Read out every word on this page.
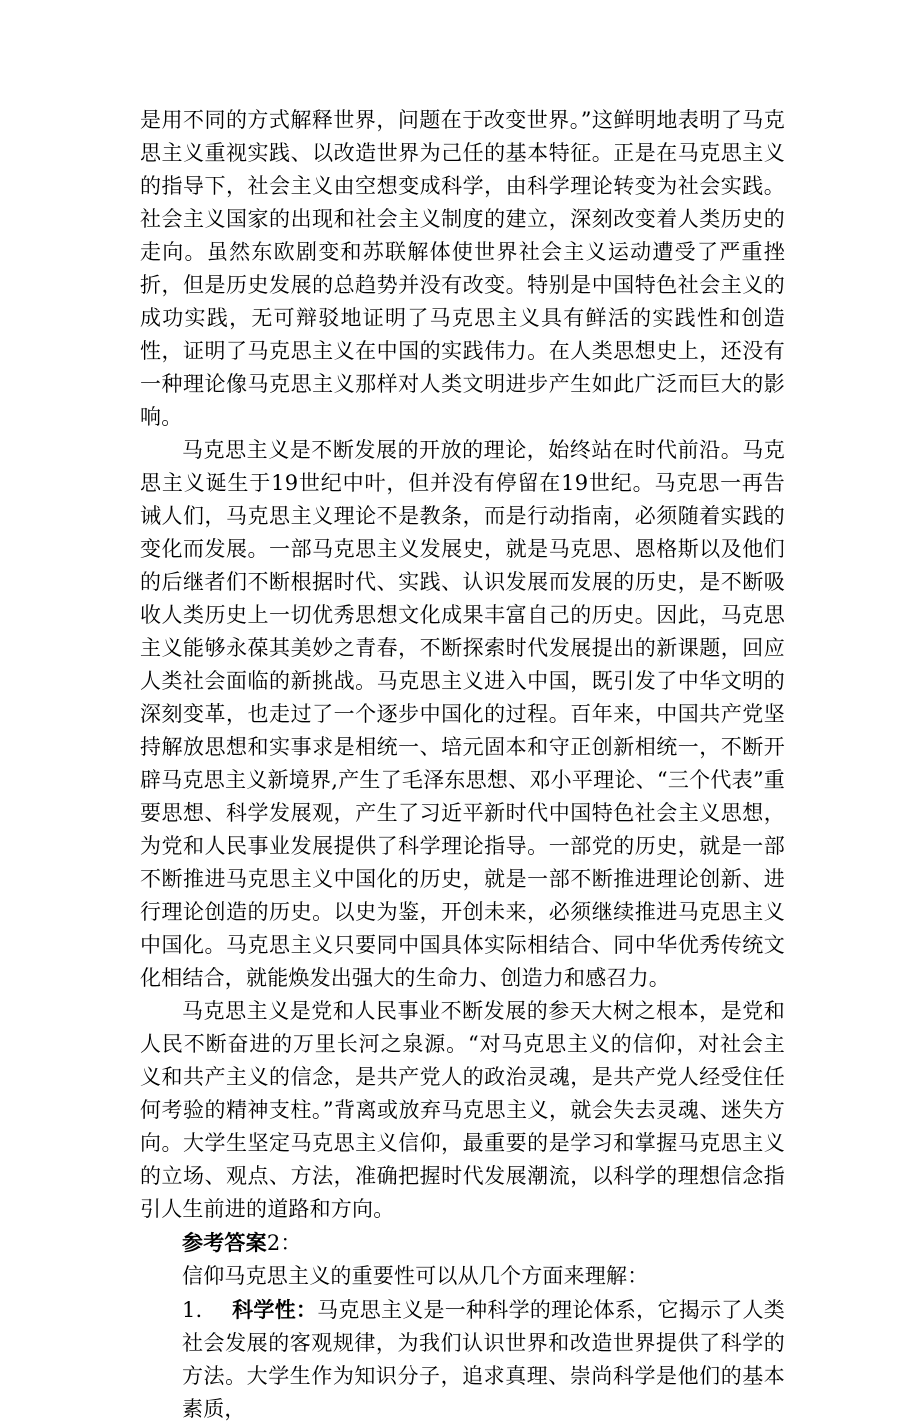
是用不同的方式解释世界，问题在于改变世界。”这鲜明地表明了马克思主义重视实践、以改造世界为己任的基本特征。正是在马克思主义的指导下，社会主义由空想变成科学，由科学理论转变为社会实践。社会主义国家的出现和社会主义制度的建立，深刻改变着人类历史的走向。虽然东欧剧变和苏联解体使世界社会主义运动遭受了严重挫折，但是历史发展的总趋势并没有改变。特别是中国特色社会主义的成功实践，无可辩驳地证明了马克思主义具有鲜活的实践性和创造性，证明了马克思主义在中国的实践伟力。在人类思想史上，还没有一种理论像马克思主义那样对人类文明进步产生如此广泛而巨大的影响。

马克思主义是不断发展的开放的理论，始终站在时代前沿。马克思主义诞生于19世纪中叶，但并没有停留在19世纪。马克思一再告诫人们，马克思主义理论不是教条，而是行动指南，必须随着实践的变化而发展。一部马克思主义发展史，就是马克思、恩格斯以及他们的后继者们不断根据时代、实践、认识发展而发展的历史，是不断吸收人类历史上一切优秀思想文化成果丰富自己的历史。因此，马克思主义能够永葆其美妙之青春，不断探索时代发展提出的新课题，回应人类社会面临的新挑战。马克思主义进入中国，既引发了中华文明的深刻变革，也走过了一个逐步中国化的过程。百年来，中国共产党坚持解放思想和实事求是相统一、培元固本和守正创新相统一，不断开辟马克思主义新境界,产生了毛泽东思想、邓小平理论、“三个代表”重要思想、科学发展观，产生了习近平新时代中国特色社会主义思想，为党和人民事业发展提供了科学理论指导。一部党的历史，就是一部不断推进马克思主义中国化的历史，就是一部不断推进理论创新、进行理论创造的历史。以史为鉴，开创未来，必须继续推进马克思主义中国化。马克思主义只要同中国具体实际相结合、同中华优秀传统文化相结合，就能焕发出强大的生命力、创造力和感召力。

马克思主义是党和人民事业不断发展的参天大树之根本，是党和人民不断奋进的万里长河之泉源。“对马克思主义的信仰，对社会主义和共产主义的信念，是共产党人的政治灵魂，是共产党人经受住任何考验的精神支柱。”背离或放弃马克思主义，就会失去灵魂、迷失方向。大学生坚定马克思主义信仰，最重要的是学习和掌握马克思主义的立场、观点、方法，准确把握时代发展潮流，以科学的理想信念指引人生前进的道路和方向。

参考答案2：

信仰马克思主义的重要性可以从几个方面来理解：

1. 科学性：马克思主义是一种科学的理论体系，它揭示了人类社会发展的客观规律，为我们认识世界和改造世界提供了科学的方法。大学生作为知识分子，追求真理、崇尚科学是他们的基本素质，
